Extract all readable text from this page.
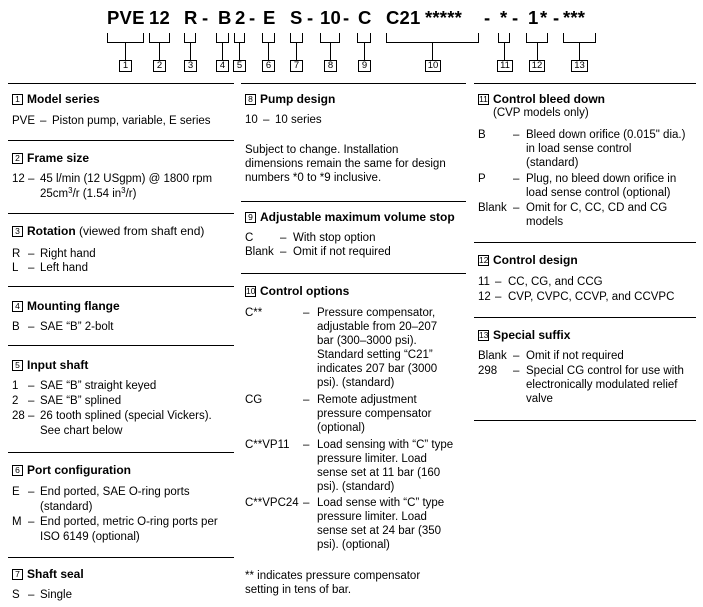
PVE 12 R - B 2 - E S - 10 - C C21 ***** - * - 1 * - ***
1	2	3	4	5	6	7	8	9	10	11	12	13
1 Model series
PVE – Piston pump, variable, E series
2 Frame size
12 – 45 l/min (12 USgpm) @ 1800 rpm
$25cm^3/r$ (1.54 $in^3/r$)
3 Rotation (viewed from shaft end)
R – Right hand
L – Left hand
4 Mounting flange
B – SAE “B” 2-bolt
5 Input shaft
1 – SAE “B” straight keyed
2 – SAE “B” splined
28 – 26 tooth splined (special Vickers).
See chart below
6 Port configuration
E – End ported, SAE O-ring ports
(standard)
M – End ported, metric O-ring ports per
ISO 6149 (optional)
7 Shaft seal
S – Single
8 Pump design
10 – 10 series
Subject to change. Installation
dimensions remain the same for design
numbers *0 to *9 inclusive.
9 Adjustable maximum volume stop
C – With stop option
Blank – Omit if not required
10 Control options
C**	– Pressure compensator,
adjustable from 20–207
bar (300–3000 psi).
Standard setting “C21”
indicates 207 bar (3000
psi). (standard)
CG	– Remote adjustment
pressure compensator
(optional)
C**VP11 – Load sensing with “C” type
pressure limiter. Load
sense set at 11 bar (160
psi). (standard)
C**VPC24 – Load sense with “C” type
pressure limiter. Load
sense set at 24 bar (350
psi). (optional)
** indicates pressure compensator
setting in tens of bar.
11 Control bleed down
(CVP models only)
B – Bleed down orifice (0.015" dia.)
in load sense control
(standard)
P – Plug, no bleed down orifice in
load sense control (optional)
Blank – Omit for C, CC, CD and CG
models
12 Control design
11 – CC, CG, and CCG
12 – CVP, CVPC, CCVP, and CCVPC
13 Special suffix
Blank – Omit if not required
298 – Special CG control for use with
electronically modulated relief
valve
